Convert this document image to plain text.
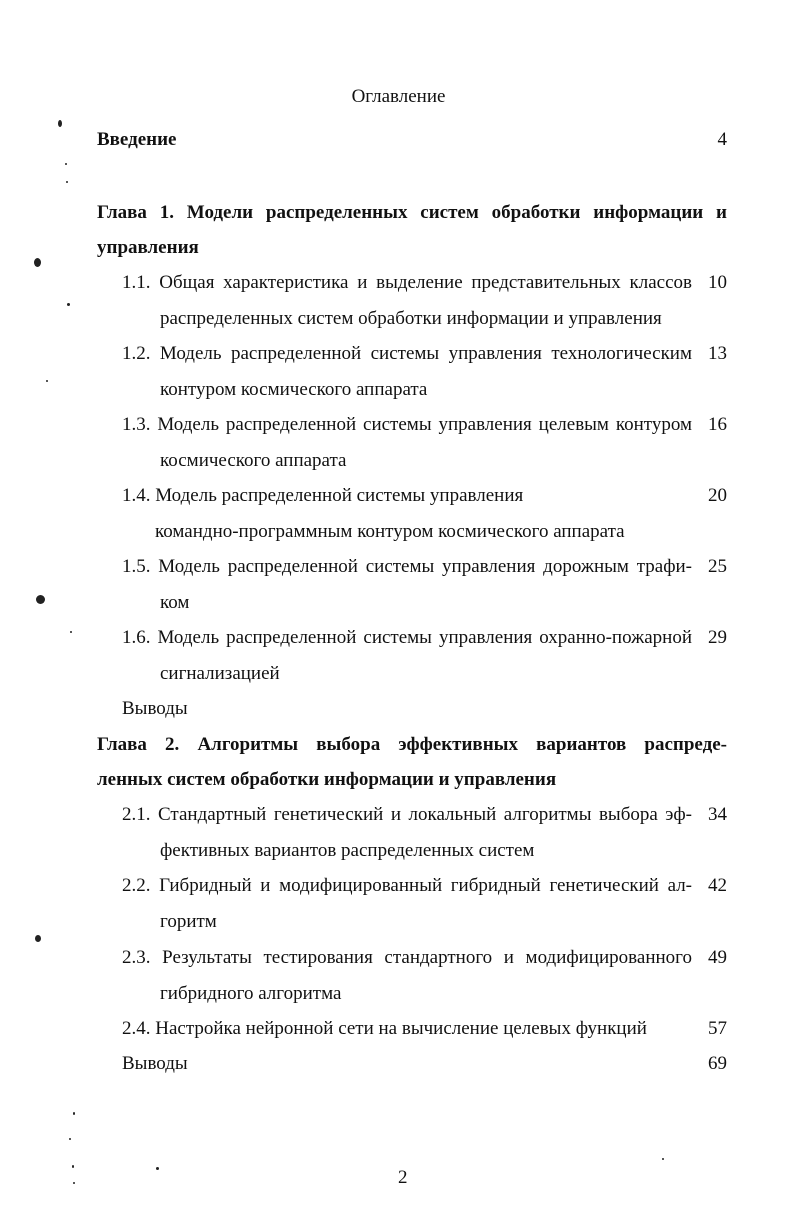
Оглавление
Введение	4
Глава 1. Модели распределенных систем обработки информации и
управления
1.1. Общая характеристика и выделение представительных классов 10
распределенных систем обработки информации и управления
1.2. Модель распределенной системы управления технологическим 13
контуром космического аппарата
1.3. Модель распределенной системы управления целевым контуром 16
космического аппарата
1.4. Модель распределенной системы управления	20
командно-программным контуром космического аппарата
1.5. Модель распределенной системы управления дорожным трафи- 25
ком
1.6. Модель распределенной системы управления охранно-пожарной 29
сигнализацией
Выводы
Глава 2. Алгоритмы выбора эффективных вариантов распреде-
ленных систем обработки информации и управления
2.1. Стандартный генетический и локальный алгоритмы выбора эф- 34
фективных вариантов распределенных систем
2.2. Гибридный и модифицированный гибридный генетический ал- 42
горитм
2.3. Результаты тестирования стандартного и модифицированного 49
гибридного алгоритма
2.4. Настройка нейронной сети на вычисление целевых функций	57
Выводы	69
2
